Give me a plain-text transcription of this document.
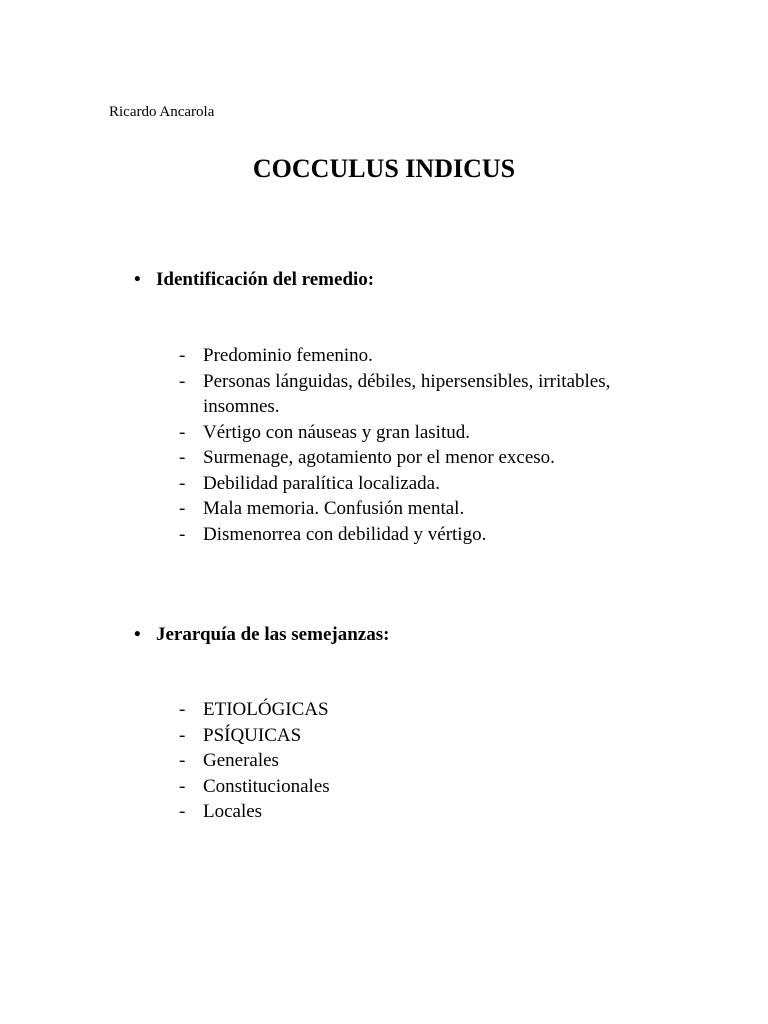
Ricardo Ancarola
COCCULUS INDICUS
• Identificación del remedio:
- Predominio femenino.
- Personas lánguidas, débiles, hipersensibles, irritables, insomnes.
- Vértigo con náuseas y gran lasitud.
- Surmenage, agotamiento por el menor exceso.
- Debilidad paralítica localizada.
- Mala memoria. Confusión mental.
- Dismenorrea con debilidad y vértigo.
• Jerarquía de las semejanzas:
- ETIOLÓGICAS
- PSÍQUICAS
- Generales
- Constitucionales
- Locales
